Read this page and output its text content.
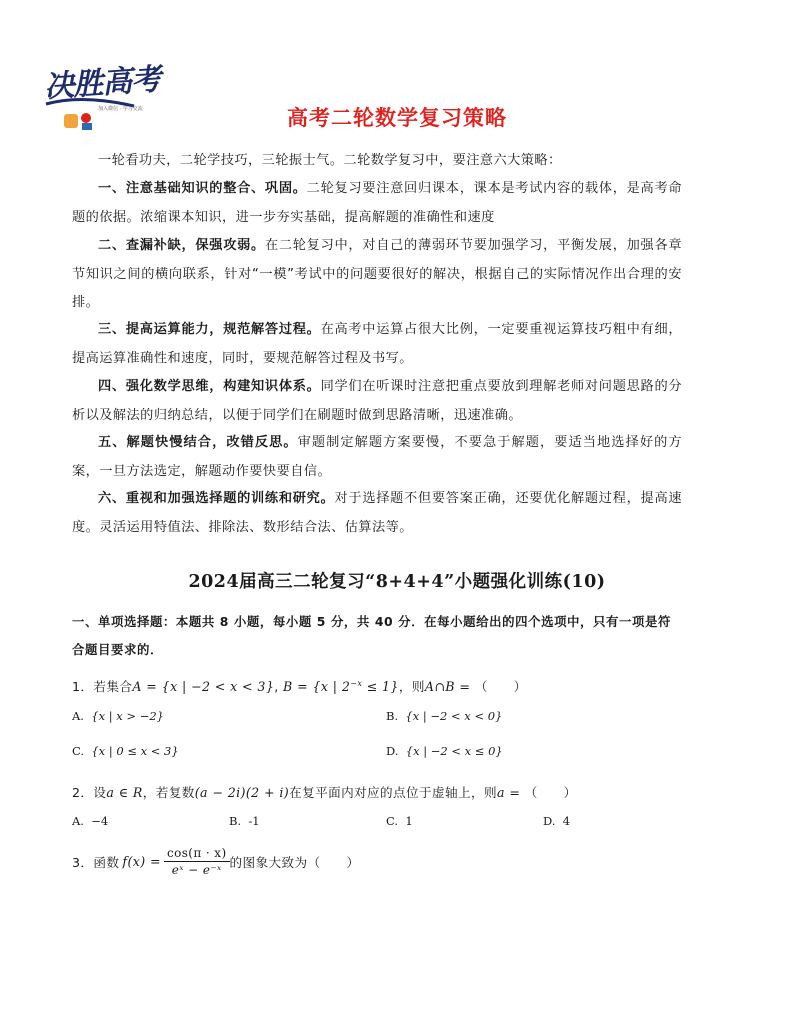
决胜高考
加入微信 · 学习交流	高考二轮数学复习策略
一轮看功夫，二轮学技巧，三轮振士气。二轮数学复习中，要注意六大策略：
一、注意基础知识的整合、巩固。二轮复习要注意回归课本，课本是考试内容的载体，是高考命题的依据。浓缩课本知识，进一步夯实基础，提高解题的准确性和速度
二、查漏补缺，保强攻弱。在二轮复习中，对自己的薄弱环节要加强学习，平衡发展，加强各章节知识之间的横向联系，针对“一模”考试中的问题要很好的解决，根据自己的实际情况作出合理的安排。
三、提高运算能力，规范解答过程。在高考中运算占很大比例，一定要重视运算技巧粗中有细，提高运算准确性和速度，同时，要规范解答过程及书写。
四、强化数学思维，构建知识体系。同学们在听课时注意把重点要放到理解老师对问题思路的分析以及解法的归纳总结，以便于同学们在刷题时做到思路清晰，迅速准确。
五、解题快慢结合，改错反思。审题制定解题方案要慢，不要急于解题，要适当地选择好的方案，一旦方法选定，解题动作要快要自信。
六、重视和加强选择题的训练和研究。对于选择题不但要答案正确，还要优化解题过程，提高速度。灵活运用特值法、排除法、数形结合法、估算法等。
2024届高三二轮复习“8+4+4”小题强化训练(10)
一、单项选择题：本题共 8 小题，每小题 5 分，共 40 分．在每小题给出的四个选项中，只有一项是符合题目要求的．
1．若集合A = {x | −2 < x < 3}, B = {x | $2^{-x} \le 1$}，则A∩B = （　　）
A. {x | x > −2}	B. {x | −2 < x < 0}
C. {x | 0 ≤ x < 3}	D. {x | −2 < x ≤ 0}
2．设a ∈ R，若复数(a − 2i)(2 + i)在复平面内对应的点位于虚轴上，则a = （　　）
A. −4	B. -1	C. 1	D. 4
3． 函数 $f(x) = \frac{\cos(\pi \cdot x)}{\text{eˣ − e⁻ˣ}}$ 的图象大致为（　　）
